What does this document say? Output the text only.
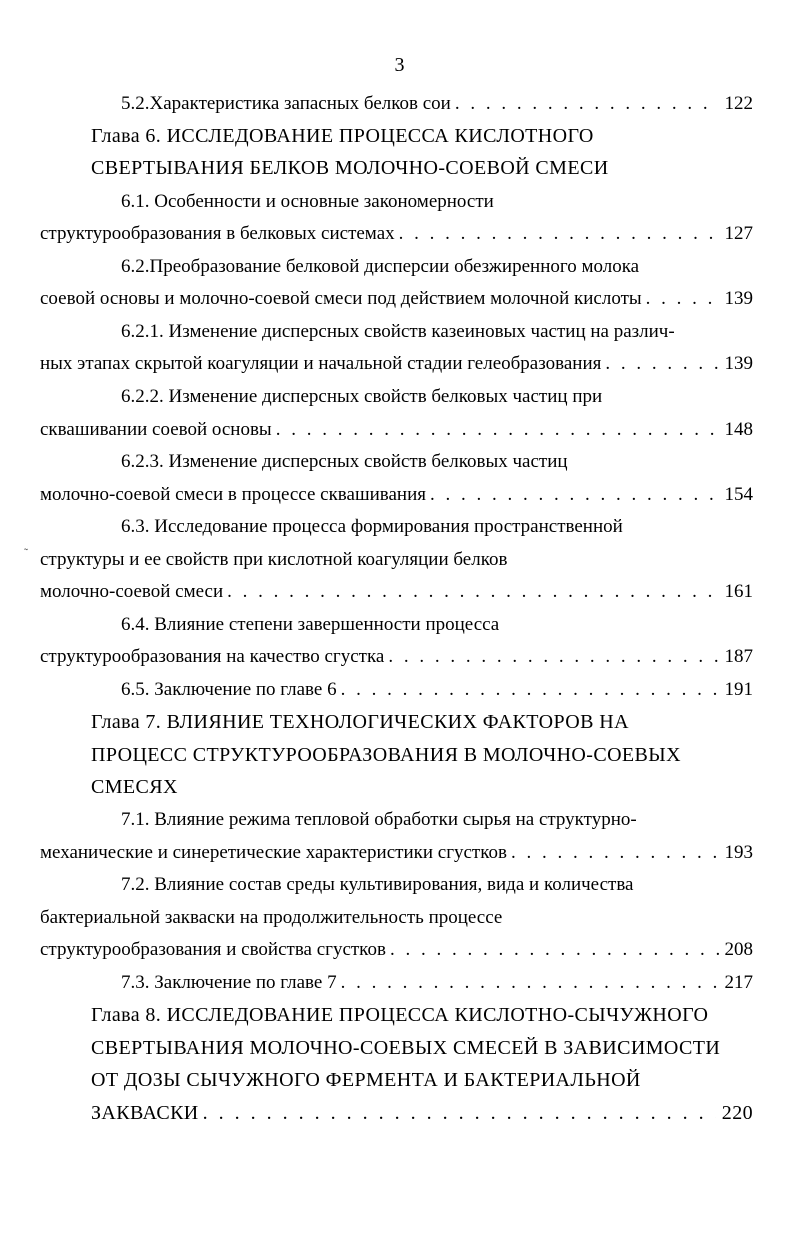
3
5.2.Характеристика запасных белков сои . . .	122
Глава 6. ИССЛЕДОВАНИЕ ПРОЦЕССА КИСЛОТНОГО
СВЕРТЫВАНИЯ БЕЛКОВ МОЛОЧНО-СОЕВОЙ СМЕСИ
6.1. Особенности и основные закономерности
структурообразования в белковых системах . . .	127
6.2.Преобразование белковой дисперсии обезжиренного молока
соевой основы и молочно-соевой смеси под действием молочной кислоты . . .	139
6.2.1. Изменение дисперсных свойств казеиновых частиц на различ-
ных этапах скрытой коагуляции и начальной стадии гелеобразования . . .	139
6.2.2. Изменение дисперсных свойств белковых частиц при
сквашивании соевой основы . . .	148
6.2.3. Изменение дисперсных свойств белковых частиц
молочно-соевой смеси в процессе сквашивания . . .	154
6.3. Исследование процесса формирования пространственной
структуры и ее свойств при кислотной коагуляции белков
молочно-соевой смеси . . .	161
6.4. Влияние степени завершенности процесса
структурообразования на качество сгустка . . .	187
6.5. Заключение по главе 6 . . .	191
Глава 7. ВЛИЯНИЕ ТЕХНОЛОГИЧЕСКИХ ФАКТОРОВ НА
ПРОЦЕСС СТРУКТУРООБРАЗОВАНИЯ В МОЛОЧНО-СОЕВЫХ
СМЕСЯХ
7.1. Влияние режима тепловой обработки сырья на структурно-
механические и синеретические характеристики сгустков . . .	193
7.2. Влияние состав среды культивирования, вида и количества
бактериальной закваски на продолжительность процессе
структурообразования и свойства сгустков . . .	208
7.3. Заключение по главе 7 . . .	217
Глава 8. ИССЛЕДОВАНИЕ ПРОЦЕССА КИСЛОТНО-СЫЧУЖНОГО
СВЕРТЫВАНИЯ МОЛОЧНО-СОЕВЫХ СМЕСЕЙ В ЗАВИСИМОСТИ
ОТ ДОЗЫ СЫЧУЖНОГО ФЕРМЕНТА И БАКТЕРИАЛЬНОЙ
ЗАКВАСКИ . . .	220
˷
